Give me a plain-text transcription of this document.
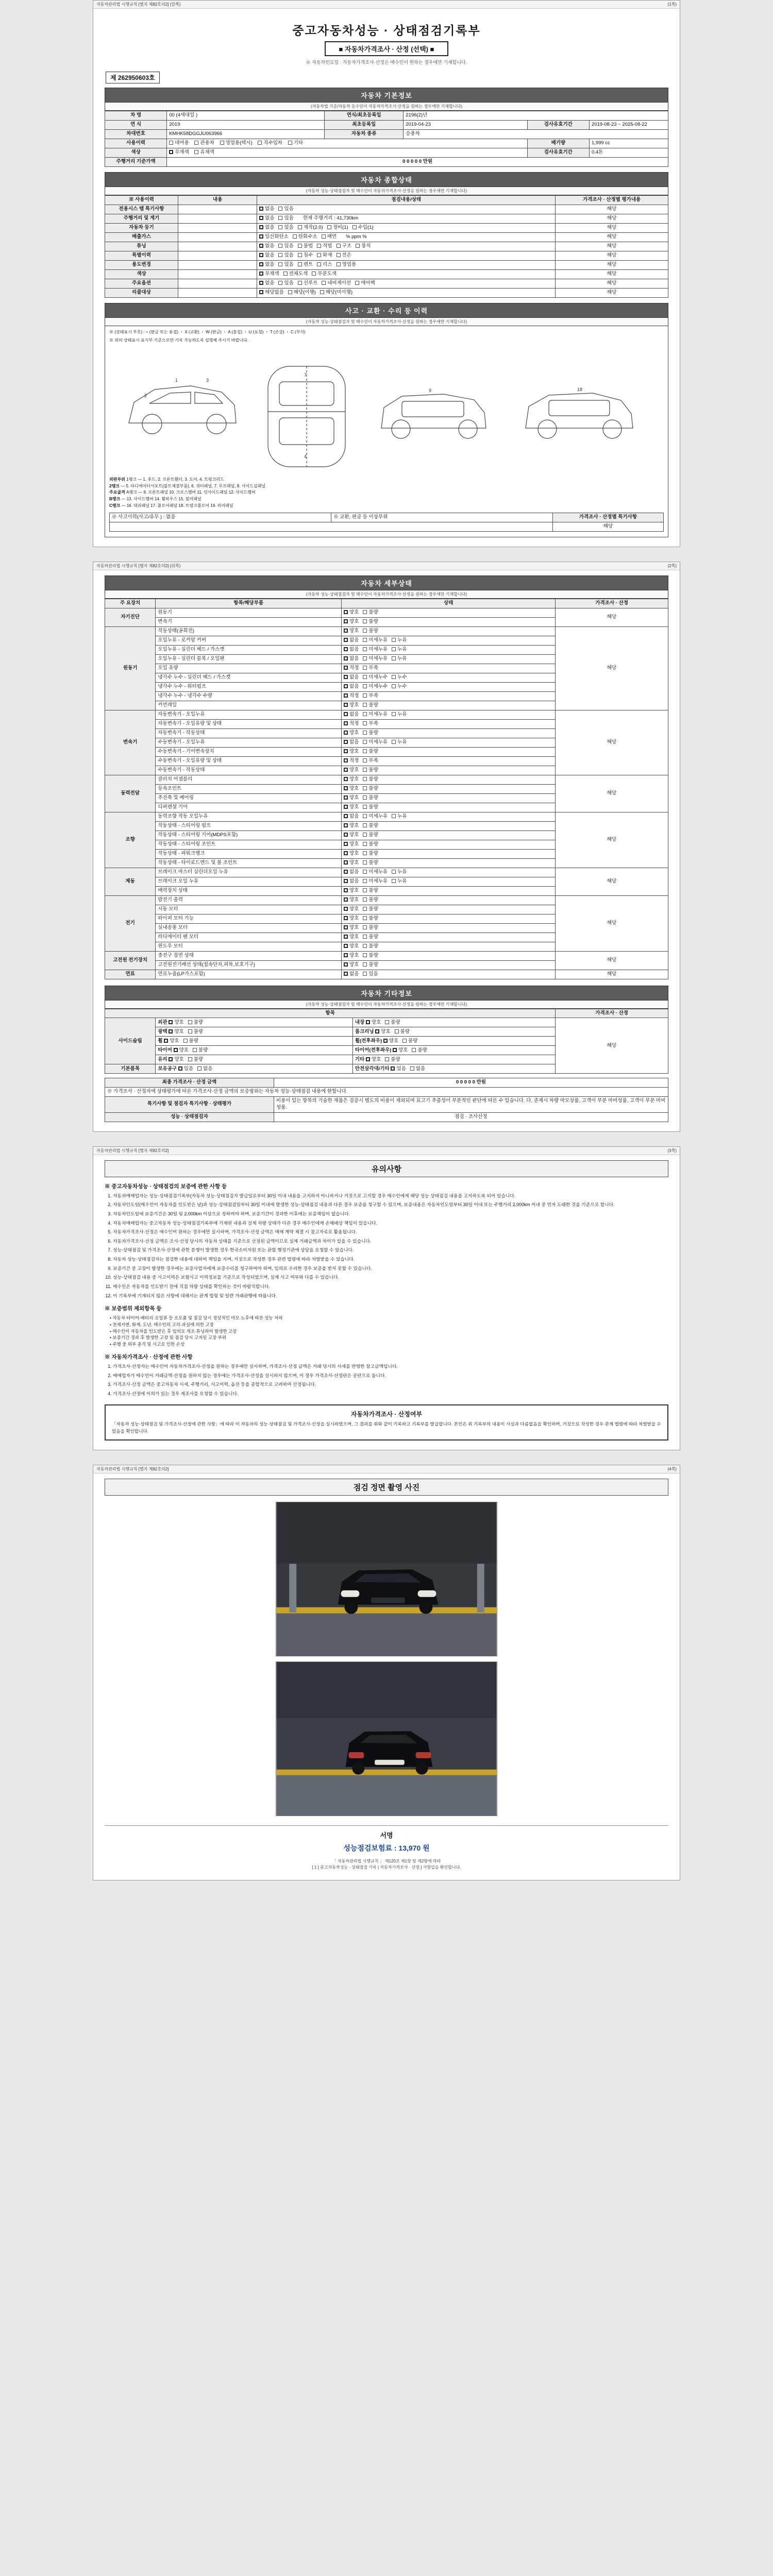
자동차관리법 시행규칙 [별지 제82호의2] (앞쪽)	(1쪽)
중고자동차성능 · 상태점검기록부
■ 자동차가격조사 · 산정 (선택) ■
※ 자동차인도일 : 자동차가격조사·산정은 매수인이 원하는 경우에만 기재합니다.
제 262950603호
자동차 기본정보
(자동차법 기준/자동차 등수인이 자동차가격조사·산정을 원하는 경우에만 기재합니다)
차 명	00 (4세대일 )	연식/최초등록일	2196(2)년		
연 식	2019	최초등록일	2019-04-23	검사유효기간	2019-08-23 ~ 2025-08-22
차대번호	KMHK58DGGJU063966	자동차 종류	승용차		
사용이력	대여용 관용차 영업용(택시) 직수입차 기타			배기량	1,999 cc
색상	무채색 유채색			검사유효기간	0.4톤
주행거리 기준가액	0 0 0 0 0 만원				
자동차 종합상태
(자동차 성능·상태점검자 및 매수인이 자동차가격조사·산정을 원하는 경우에만 기재합니다)
※ 사용이력	내용	점검내용/상태	가격조사 · 산정별 평가내용
전용시스 템 특기사항		없음 있음	해당
주행거리 및 계기		없음 있음 현재 주행거리 : 41,730km	해당
자동차 등기		없음 있음 제작(2.0) 정비(1) 수입(1)	해당
배출가스		일산화탄소 탄화수소 매연 % ppm %	해당
튜닝		없음 있음 불법 적법 구조 장치	해당
특별이력		없음 있음 침수 화재 전손	해당
용도변경		없음 있음 렌트 리스 영업용	해당
색상		무채색 전체도색 부분도색	해당
주요옵션		없음 있음 선루프 내비게이션 에어백	해당
리콜대상		해당없음 해당(이행) 해당(미이행)	해당
사고 · 교환 · 수리 등 이력
(자동차 성능·상태점검자 및 매수인이 자동차가격조사·산정을 원하는 경우에만 기재합니다)
※ (상태표시 부호) : ○ (판금 또는 용접) ・ X (교환) ・ W (판금) ・ A (흠집) ・ U (요철) ・ T (손상) ・ C (부식)
※ 위의 상태표시 표시부 기준으로만 기록 가능하도록 설명해 주시기 바랍니다.
1
2
3
7
4
9	18
외판부위 1랭크 — 1. 후드, 2. 프론트휀더, 3. 도어, 4. 트렁크리드
2랭크 — 5. 라디에이터서포트(볼트체결부품), 6. 쿼터패널, 7. 루프패널, 8. 사이드실패널
주요골격 A랭크 — 9. 프론트패널 10. 크로스멤버 11. 인사이드패널 12. 사이드멤버
B랭크 — 13. 사이드멤버 14. 휠하우스 15. 필러패널
C랭크 — 16. 대쉬패널 17. 플로어패널 18. 트렁크플로어 19. 리어패널
※ 사고이력(사고/유무 ) : 없음	※ 교환, 판금 등 이상부위	가격조사 · 산정별 특기사항
		해당
자동차관리법 시행규칙 [별지 제82호의2] (뒤쪽)	(2쪽)
자동차 세부상태
(자동차 성능·상태점검자 및 매수인이 자동차가격조사·산정을 원하는 경우에만 기재합니다)
주 요장치	항목/해당부품	상태	가격조사 · 산정
자기진단	원동기	양호 불량	해당
	변속기	양호 불량	
원동기	작동상태(공회전)	양호 불량	해당
	오일누유 - 로커암 커버	없음 미세누유 누유	
	오일누유 - 실린더 헤드 / 가스켓	없음 미세누유 누유	
	오일누유 - 실린더 블록 / 오일팬	없음 미세누유 누유	
	오일 유량	적정 부족	
	냉각수 누수 - 실린더 헤드 / 가스켓	없음 미세누수 누수	
	냉각수 누수 - 워터펌프	없음 미세누수 누수	
	냉각수 누수 - 냉각수 수량	적정 부족	
	커먼레일	양호 불량	
변속기	자동변속기 - 오일누유	없음 미세누유 누유	해당
	자동변속기 - 오일유량 및 상태	적정 부족	
	자동변속기 - 작동상태	양호 불량	
	수동변속기 - 오일누유	없음 미세누유 누유	
	수동변속기 - 기어변속장치	양호 불량	
	수동변속기 - 오일유량 및 상태	적정 부족	
	수동변속기 - 작동상태	양호 불량	
동력전달	클러치 어셈블리	양호 불량	해당
	등속조인트	양호 불량	
	추진축 및 베어링	양호 불량	
	디퍼렌셜 기어	양호 불량	
조향	동력조향 작동 오일누유	없음 미세누유 누유	해당
	작동상태 - 스티어링 펌프	양호 불량	
	작동상태 - 스티어링 기어(MDPS포함)	양호 불량	
	작동상태 - 스티어링 조인트	양호 불량	
	작동상태 - 파워크랭크	양호 불량	
	작동상태 - 타이로드엔드 및 볼 조인트	양호 불량	
제동	브레이크 마스터 실린더오일 누유	없음 미세누유 누유	해당
	브레이크 오일 누유	없음 미세누유 누유	
	배력장치 상태	양호 불량	
전기	발전기 출력	양호 불량	해당
	시동 모터	양호 불량	
	와이퍼 모터 기능	양호 불량	
	실내송풍 모터	양호 불량	
	라디에이터 팬 모터	양호 불량	
	윈도우 모터	양호 불량	
고전원 전기장치	충전구 절연 상태	양호 불량	해당
	고전원전기배선 상태(접속단자,피복,보호기구)	양호 불량	
연료	연료누출(LP가스포함)	없음 있음	해당
자동차 기타정보
(자동차 성능·상태점검자 및 매수인이 자동차가격조사·산정을 원하는 경우에만 기재합니다)
항목			가격조사 · 산정
사이드슬립	외관 양호 불량	내장 양호 불량	해당
	광택 양호 불량	룸크리닝 양호 불량	
	휠 양호 불량	휠(전후좌우) 양호 불량	
	타이어 양호 불량	타이어(전후좌우) 양호 불량	
	유리 양호 불량	기타 양호 불량	
기본품목	보유공구 있음 없음	안전삼각대/기타 있음 없음	
최종 가격조사 · 산정 금액	0 0 0 0 0 만원
※ 가격조사 · 산정자에 상태평가에 따른 가격조사·산정 금액의 보증범위는 자동차 성능·상태점검 내용에 한합니다.	
특기사항 및 점검자 특기사항 · 상태평가	비용이 있는 항목의 기술한 제품은 검증시 별도의 비용이 제외되며 표고기 추출성이 부분적인 판단에 따른 수 있습니다. 다, 준제시 차량 마모상품, 고객이 부분 마비성품, 고객이 부분 마비성품.
성능 · 상태점검자	점검 · 조사산정
자동차관리법 시행규칙 [별지 제82호의2]	(3쪽)
유의사항
※ 중고자동차성능 · 상태점검의 보증에 관한 사항 등
1. 자동차매매업자는 성능·상태점검기록부(자동차 성능·상태점검자 발급일로부터 30일 이내 내용을 고지하지 아니하거나 거짓으로 고지할 경우 매수인에게 해당 성능 상태점검 내용을 고지하도록 되어 있습니다.
2. 자동차인도일(매수인이 자동차를 인도받은 날)과 성능·상태점검일부터 30일 이내에 발생한 성능·상태점검 내용과 다른 경우 보증을 청구할 수 있으며, 보증내용은 자동차인도일부터 30일 이내 또는 주행거리 2,000km 이내 중 먼저 도래한 것을 기준으로 합니다.
3. 자동차인도일에 보증기간은 30일 및 2,000km 이상으로 정하여야 하며, 보증기간이 경과한 이후에는 보증책임이 없습니다.
4. 자동차매매업자는 중고자동차 성능·상태점검기록부에 기재된 내용과 실제 차량 상태가 다른 경우 매수인에게 손해배상 책임이 있습니다.
5. 자동차가격조사·산정은 매수인이 원하는 경우에만 실시하며, 가격조사·산정 금액은 매매 계약 체결 시 참고자료로 활용됩니다.
6. 자동차가격조사·산정 금액은 조사·산정 당시의 자동차 상태를 기준으로 산정된 금액이므로 실제 거래금액과 차이가 있을 수 있습니다.
7. 성능·상태점검 및 가격조사·산정에 관한 분쟁이 발생한 경우 한국소비자원 또는 관할 행정기관에 상담을 요청할 수 있습니다.
8. 자동차 성능·상태점검자는 점검한 내용에 대하여 책임을 지며, 거짓으로 작성한 경우 관련 법령에 따라 처벌받을 수 있습니다.
9. 보증기간 중 고장이 발생한 경우에는 보증사업자에게 보증수리를 청구하여야 하며, 임의로 수리한 경우 보증을 받지 못할 수 있습니다.
10. 성능·상태점검 내용 중 사고이력은 보험사고 이력정보를 기준으로 작성되었으며, 실제 사고 여부와 다를 수 있습니다.
11. 매수인은 자동차를 인도받기 전에 직접 차량 상태를 확인하는 것이 바람직합니다.
12. 이 기록부에 기재되지 않은 사항에 대해서는 관계 법령 및 일반 거래관행에 따릅니다.
※ 보증범위 제외항목 등
• 자동차 타이어·배터리·오일류 등 소모품 및 점검 당시 정상적인 마모·노후에 따른 성능 저하
• 천재지변, 화재, 도난, 매수인의 고의·과실에 의한 고장
• 매수인이 자동차를 인도받은 후 임의로 개조·튜닝하여 발생한 고장
• 보증기간 경과 후 발생한 고장 및 점검 당시 고지된 고장 부위
• 주행 중 외부 충격 및 사고로 인한 손상
※ 자동차가격조사 · 산정에 관한 사항
1. 가격조사·산정자는 매수인이 자동차가격조사·산정을 원하는 경우에만 실시하며, 가격조사·산정 금액은 거래 당시의 시세를 반영한 참고금액입니다.
2. 매매업자가 매수인이 거래금액·산정을 원하지 않는 경우에는 가격조사·산정을 실시하지 않으며, 이 경우 가격조사·산정란은 공란으로 둡니다.
3. 가격조사·산정 금액은 중고자동차 시세, 주행거리, 사고이력, 옵션 등을 종합적으로 고려하여 산정됩니다.
4. 가격조사·산정에 이의가 있는 경우 재조사를 요청할 수 있습니다.
자동차가격조사 · 산정여부
「자동차 성능·상태점검 및 가격조사·산정에 관한 사항」에 따라 이 자동차의 성능·상태점검 및 가격조사·산정을 실시하였으며, 그 결과를 위와 같이 기록하고 기록부를 발급합니다. 본인은 위 기록부의 내용이 사실과 다름없음을 확인하며, 거짓으로 작성한 경우 관계 법령에 따라 처벌받을 수 있음을 확인합니다.
자동차관리법 시행규칙 [별지 제82호의2]	(4쪽)
점검 정면 촬영 사진
서명
성능점검보험료 : 13,970 원
「 자동차관리법 시행규칙 」 제120조 제1항 및 제2항에 따라
[ 1 ] 중고자동차성능 · 상태점검 기록 | 자동차가격조사 · 산정 ] 사항입을 확인합니다.
